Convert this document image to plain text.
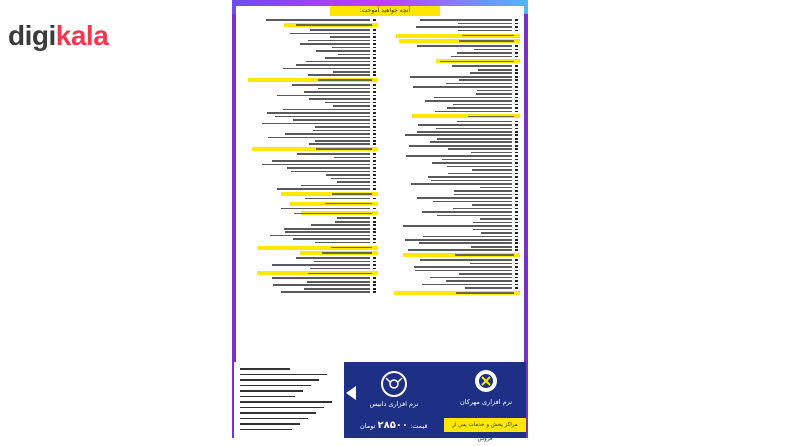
digikala
آنچه خواهید آموخت:
نرم افزاری دانیس	نرم افزاری مهرکان
قیمت: ۲۸۵۰۰ تومان	مراکز پخش و خدمات پس از فروش
